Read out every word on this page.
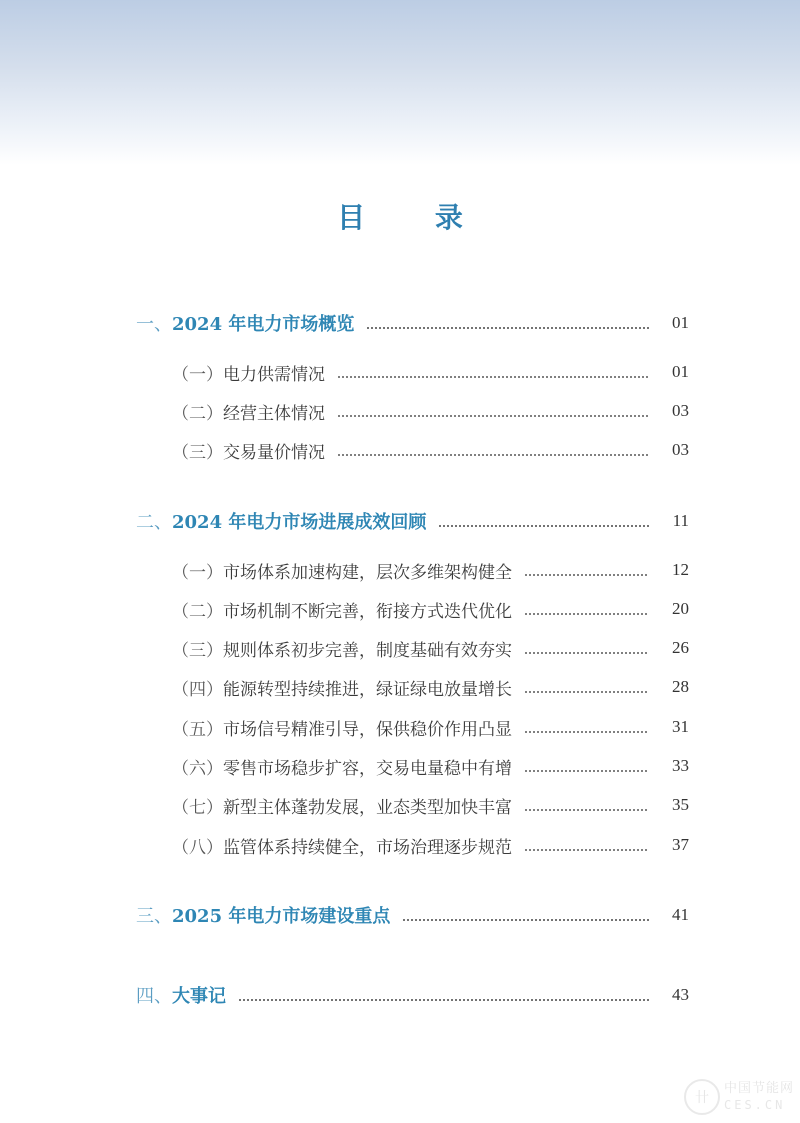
目 录
一、2024 年电力市场概览	01
（一）电力供需情况	01
（二）经营主体情况	03
（三）交易量价情况	03
二、2024 年电力市场进展成效回顾	11
（一）市场体系加速构建，层次多维架构健全	12
（二）市场机制不断完善，衔接方式迭代优化	20
（三）规则体系初步完善，制度基础有效夯实	26
（四）能源转型持续推进，绿证绿电放量增长	28
（五）市场信号精准引导，保供稳价作用凸显	31
（六）零售市场稳步扩容，交易电量稳中有增	33
（七）新型主体蓬勃发展，业态类型加快丰富	35
（八）监管体系持续健全，市场治理逐步规范	37
三、2025 年电力市场建设重点	41
四、大事记	43
卄
中国节能网
CES.CN
